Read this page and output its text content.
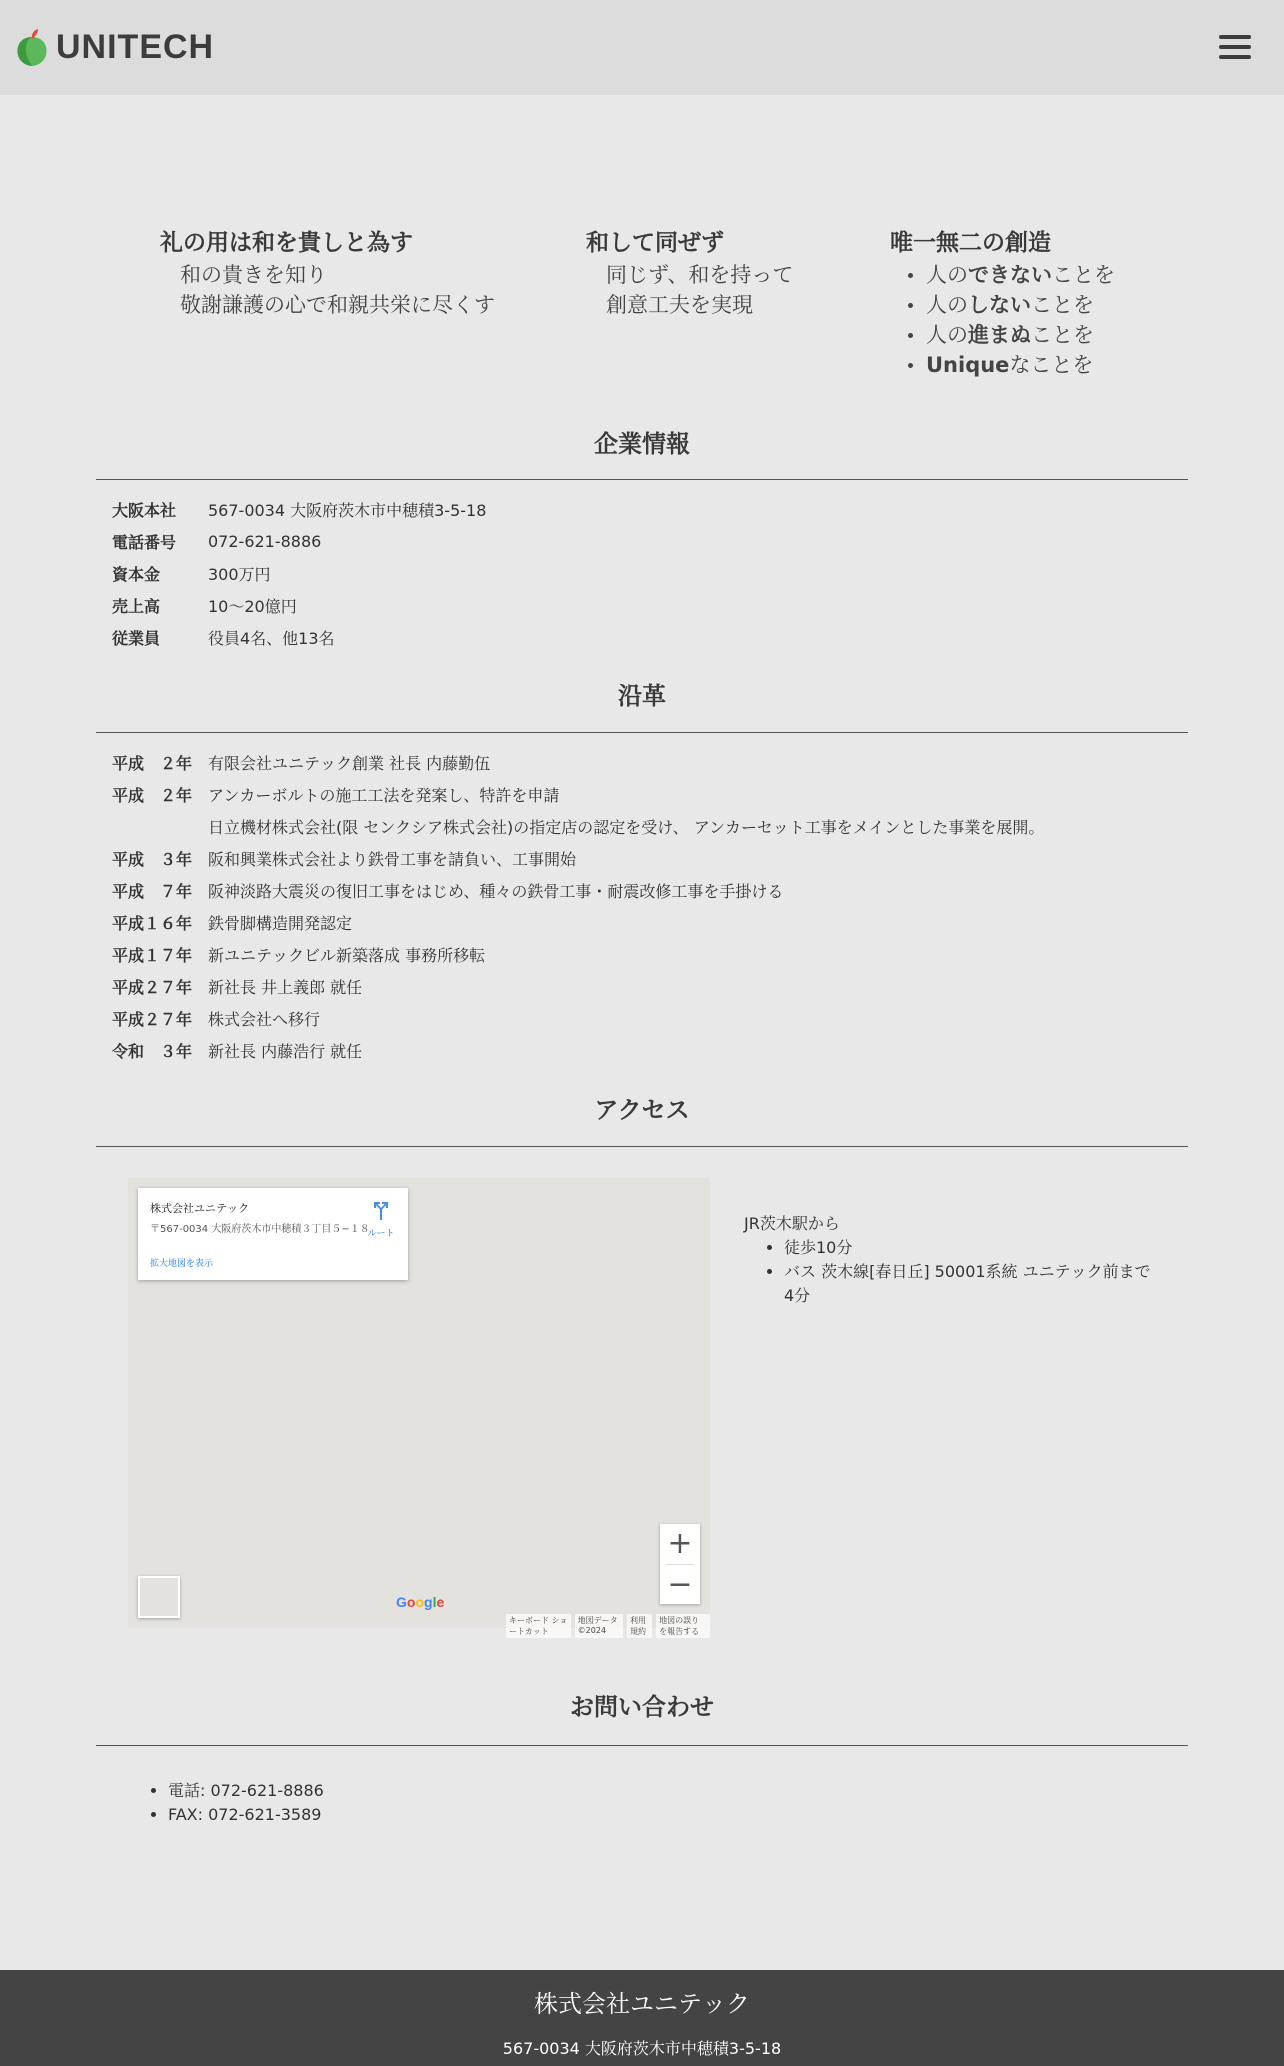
UNITECH
礼の用は和を貴しと為す
和の貴きを知り
敬謝謙護の心で和親共栄に尽くす
和して同ぜず
同じず、和を持って
創意工夫を実現
唯一無二の創造
人のできないことを
人のしないことを
人の進まぬことを
Uniqueなことを
企業情報
大阪本社	567-0034 大阪府茨木市中穂積3-5-18
電話番号	072-621-8886
資本金	300万円
売上高	10〜20億円
従業員	役員4名、他13名
沿革
平成　２年 有限会社ユニテック創業 社長 内藤勤伍
平成　２年 アンカーボルトの施工工法を発案し、特許を申請
日立機材株式会社(限 センクシア株式会社)の指定店の認定を受け、 アンカーセット工事をメインとした事業を展開。
平成　３年 阪和興業株式会社より鉄骨工事を請負い、工事開始
平成　７年 阪神淡路大震災の復旧工事をはじめ、種々の鉄骨工事・耐震改修工事を手掛ける
平成１６年 鉄骨脚構造開発認定
平成１７年 新ユニテックビル新築落成 事務所移転
平成２７年 新社長 井上義郎 就任
平成２７年 株式会社へ移行
令和　３年 新社長 内藤浩行 就任
アクセス
株式会社ユニテック
〒567-0034 大阪府茨木市中穂積３丁目５−１８
拡大地図を表示
ルート
+
−
Google
キーボード ショートカット
地図データ ©2024
利用規約
地図の誤りを報告する
JR茨木駅から
• 徒歩10分
• バス 茨木線[春日丘] 50001系統 ユニテック前まで 4分
お問い合わせ
• 電話: 072-621-8886
• FAX: 072-621-3589
株式会社ユニテック
567-0034 大阪府茨木市中穂積3-5-18
